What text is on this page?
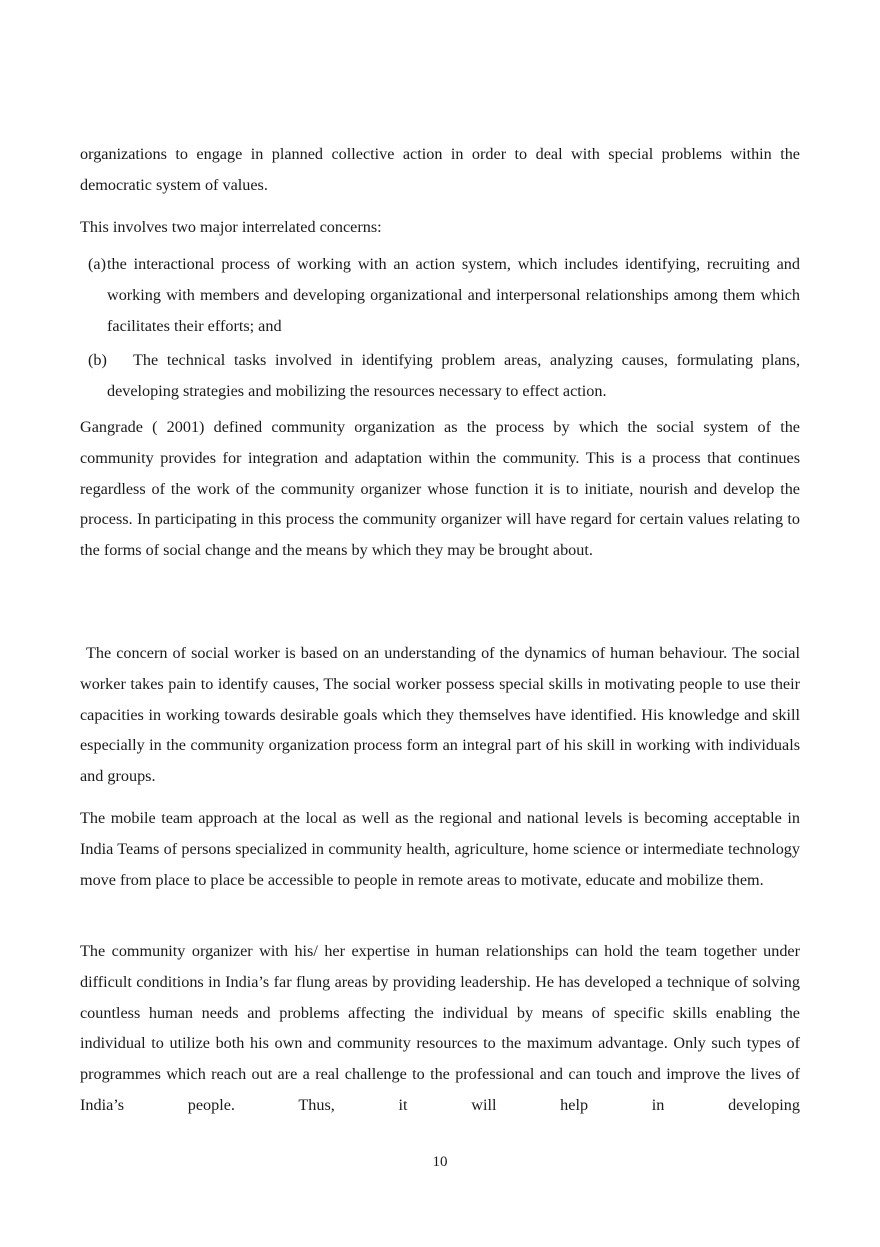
organizations to engage in planned collective action in order to deal with special problems within the democratic system of values.

This involves two major interrelated concerns:

(a) the interactional process of working with an action system, which includes identifying, recruiting and working with members and developing organizational and interpersonal relationships among them which facilitates their efforts; and
(b)	The technical tasks involved in identifying problem areas, analyzing causes, formulating plans, developing strategies and mobilizing the resources necessary to effect action.

Gangrade ( 2001) defined community organization as the process by which the social system of the community provides for integration and adaptation within the community. This is a process that continues regardless of the work of the community organizer whose function it is to initiate, nourish and develop the process. In participating in this process the community organizer will have regard for certain values relating to the forms of social change and the means by which they may be brought about.

The concern of social worker is based on an understanding of the dynamics of human behaviour. The social worker takes pain to identify causes, The social worker possess special skills in motivating people to use their capacities in working towards desirable goals which they themselves have identified. His knowledge and skill especially in the community organization process form an integral part of his skill in working with individuals and groups.

The mobile team approach at the local as well as the regional and national levels is becoming acceptable in India Teams of persons specialized in community health, agriculture, home science or intermediate technology move from place to place be accessible to people in remote areas to motivate, educate and mobilize them.

The community organizer with his/ her expertise in human relationships can hold the team together under difficult conditions in India’s far flung areas by providing leadership. He has developed a technique of solving countless human needs and problems affecting the individual by means of specific skills enabling the individual to utilize both his own and community resources to the maximum advantage. Only such types of programmes which reach out are a real challenge to the professional and can touch and improve the lives of India’s people. Thus, it will help in developing

10
